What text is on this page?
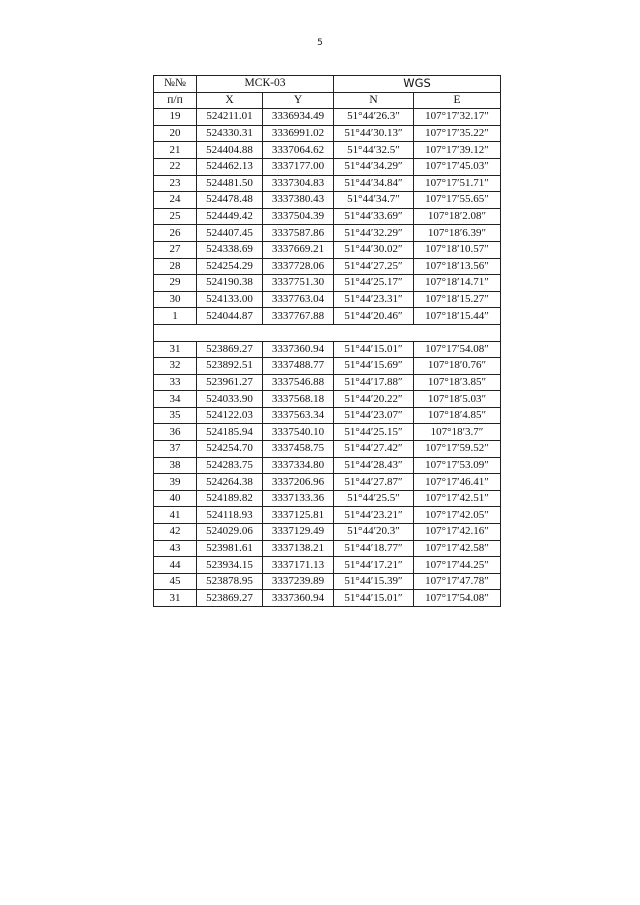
5
№№	МСК-03		WGS	
п/п	X	Y	N	E
19	524211.01	3336934.49	51°44′26.3″	107°17′32.17″
20	524330.31	3336991.02	51°44′30.13″	107°17′35.22″
21	524404.88	3337064.62	51°44′32.5″	107°17′39.12″
22	524462.13	3337177.00	51°44′34.29″	107°17′45.03″
23	524481.50	3337304.83	51°44′34.84″	107°17′51.71″
24	524478.48	3337380.43	51°44′34.7″	107°17′55.65″
25	524449.42	3337504.39	51°44′33.69″	107°18′2.08″
26	524407.45	3337587.86	51°44′32.29″	107°18′6.39″
27	524338.69	3337669.21	51°44′30.02″	107°18′10.57″
28	524254.29	3337728.06	51°44′27.25″	107°18′13.56″
29	524190.38	3337751.30	51°44′25.17″	107°18′14.71″
30	524133.00	3337763.04	51°44′23.31″	107°18′15.27″
1	524044.87	3337767.88	51°44′20.46″	107°18′15.44″

31	523869.27	3337360.94	51°44′15.01″	107°17′54.08″
32	523892.51	3337488.77	51°44′15.69″	107°18′0.76″
33	523961.27	3337546.88	51°44′17.88″	107°18′3.85″
34	524033.90	3337568.18	51°44′20.22″	107°18′5.03″
35	524122.03	3337563.34	51°44′23.07″	107°18′4.85″
36	524185.94	3337540.10	51°44′25.15″	107°18′3.7″
37	524254.70	3337458.75	51°44′27.42″	107°17′59.52″
38	524283.75	3337334.80	51°44′28.43″	107°17′53.09″
39	524264.38	3337206.96	51°44′27.87″	107°17′46.41″
40	524189.82	3337133.36	51°44′25.5″	107°17′42.51″
41	524118.93	3337125.81	51°44′23.21″	107°17′42.05″
42	524029.06	3337129.49	51°44′20.3″	107°17′42.16″
43	523981.61	3337138.21	51°44′18.77″	107°17′42.58″
44	523934.15	3337171.13	51°44′17.21″	107°17′44.25″
45	523878.95	3337239.89	51°44′15.39″	107°17′47.78″
31	523869.27	3337360.94	51°44′15.01″	107°17′54.08″
